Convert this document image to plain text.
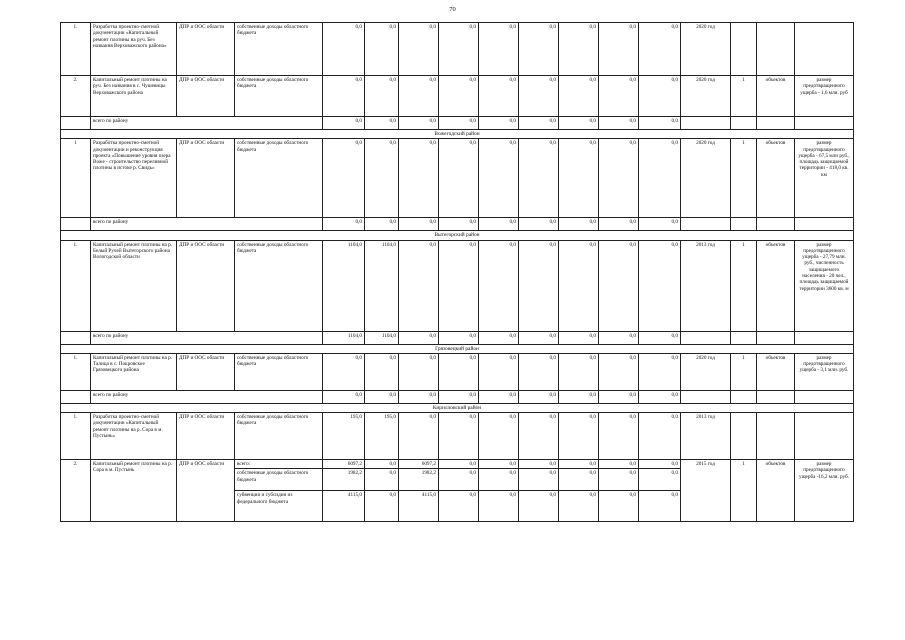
70
1.	Разработка проектно-сметной документации «Капитальный ремонт плотины на руч. Без названия Верховажского района»	ДПР и ООС области	собственные доходы областного бюджета	0,0	0,0	0,0	0,0	0,0	0,0	0,0	0,0	0,0	2020 год			
2.	Капитальный ремонт плотины на руч. Без названия в с. Чушевицы Верховажского района	ДПР и ООС области	собственные доходы областного бюджета	0,0	0,0	0,0	0,0	0,0	0,0	0,0	0,0	0,0	2020 год	1	объектов	размер предотвращенного ущерба - 1,6 млн. руб
	всего по району			0,0	0,0	0,0	0,0	0,0	0,0	0,0	0,0	0,0				
Вожегодский район																
1	Разработка проектно-сметной документации и реконструкция проекта «Повышение уровня озера Воже - строительство переливной плотины в истоке р. Свидь»	ДПР и ООС области	собственные доходы областного бюджета	0,0	0,0	0,0	0,0	0,0	0,0	0,0	0,0	0,0	2020 год	1	объектов	размер предотвращенного ущерба - 67,5 млн руб., площадь защищаемой территории - 418,0 кв. км
	всего по району			0,0	0,0	0,0	0,0	0,0	0,0	0,0	0,0	0,0				
Вытегорский район																
1.	Капитальный ремонт плотины на р. Белый Ручей Вытегорского района Вологодской области	ДПР и ООС области	собственные доходы областного бюджета	1104,0	1104,0	0,0	0,0	0,0	0,0	0,0	0,0	0,0	2013 год	1	объектов	размер предотвращенного ущерба - 27,79 млн. руб., численность защищаемого населения - 20 чел., площадь защищаемой территории 3600 кв. м
	всего по району			1104,0	1104,0	0,0	0,0	0,0	0,0	0,0	0,0	0,0				
Грязовецкий район																
1.	Капитальный ремонт плотины на р. Талица в с. Покровское Грязовецкого района	ДПР и ООС области	собственные доходы областного бюджета	0,0	0,0	0,0	0,0	0,0	0,0	0,0	0,0	0,0	2020 год	1	объектов	размер предотвращенного ущерба - 3,1 млн. руб.
	всего по району			0,0	0,0	0,0	0,0	0,0	0,0	0,0	0,0	0,0				
Кирилловский район																
1.	Разработка проектно-сметной документации «Капитальный ремонт плотины на р. Сора в м. Пустынь»	ДПР и ООС области	собственные доходы областного бюджета	195,0	195,0	0,0	0,0	0,0	0,0	0,0	0,0	0,0	2013 год			
2.	Капитальный ремонт плотины на р. Сора в м. Пустынь	ДПР и ООС области	всего:	6097,2	0,0	6097,2	0,0	0,0	0,0	0,0	0,0	0,0	2015 год	1	объектов	размер предотвращенного ущерба -16,2 млн. руб.
			собственные доходы областного бюджета	1982,2	0,0	1982,2	0,0	0,0	0,0	0,0	0,0	0,0				
			субвенции и субсидии из федерального бюджета	4115,0	0,0	4115,0	0,0	0,0	0,0	0,0	0,0	0,0				
